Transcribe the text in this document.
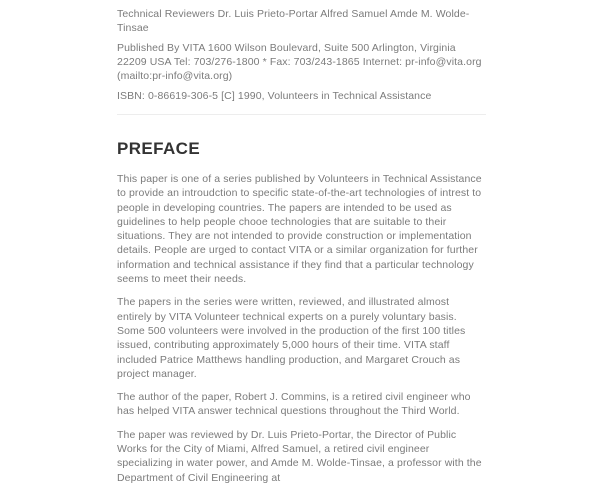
Technical Reviewers Dr. Luis Prieto-Portar Alfred Samuel Amde M. Wolde-Tinsae

Published By VITA 1600 Wilson Boulevard, Suite 500 Arlington, Virginia 22209 USA Tel: 703/276-1800 * Fax: 703/243-1865 Internet: pr-info@vita.org (mailto:pr-info@vita.org)

ISBN: 0-86619-306-5 [C] 1990, Volunteers in Technical Assistance

PREFACE

This paper is one of a series published by Volunteers in Technical Assistance to provide an introudction to specific state-of-the-art technologies of intrest to people in developing countries. The papers are intended to be used as guidelines to help people chooe technologies that are suitable to their situations. They are not intended to provide construction or implementation details. People are urged to contact VITA or a similar organization for further information and technical assistance if they find that a particular technology seems to meet their needs.

The papers in the series were written, reviewed, and illustrated almost entirely by VITA Volunteer technical experts on a purely voluntary basis. Some 500 volunteers were involved in the production of the first 100 titles issued, contributing approximately 5,000 hours of their time. VITA staff included Patrice Matthews handling production, and Margaret Crouch as project manager.

The author of the paper, Robert J. Commins, is a retired civil engineer who has helped VITA answer technical questions throughout the Third World.

The paper was reviewed by Dr. Luis Prieto-Portar, the Director of Public Works for the City of Miami, Alfred Samuel, a retired civil engineer specializing in water power, and Amde M. Wolde-Tinsae, a professor with the Department of Civil Engineering at
